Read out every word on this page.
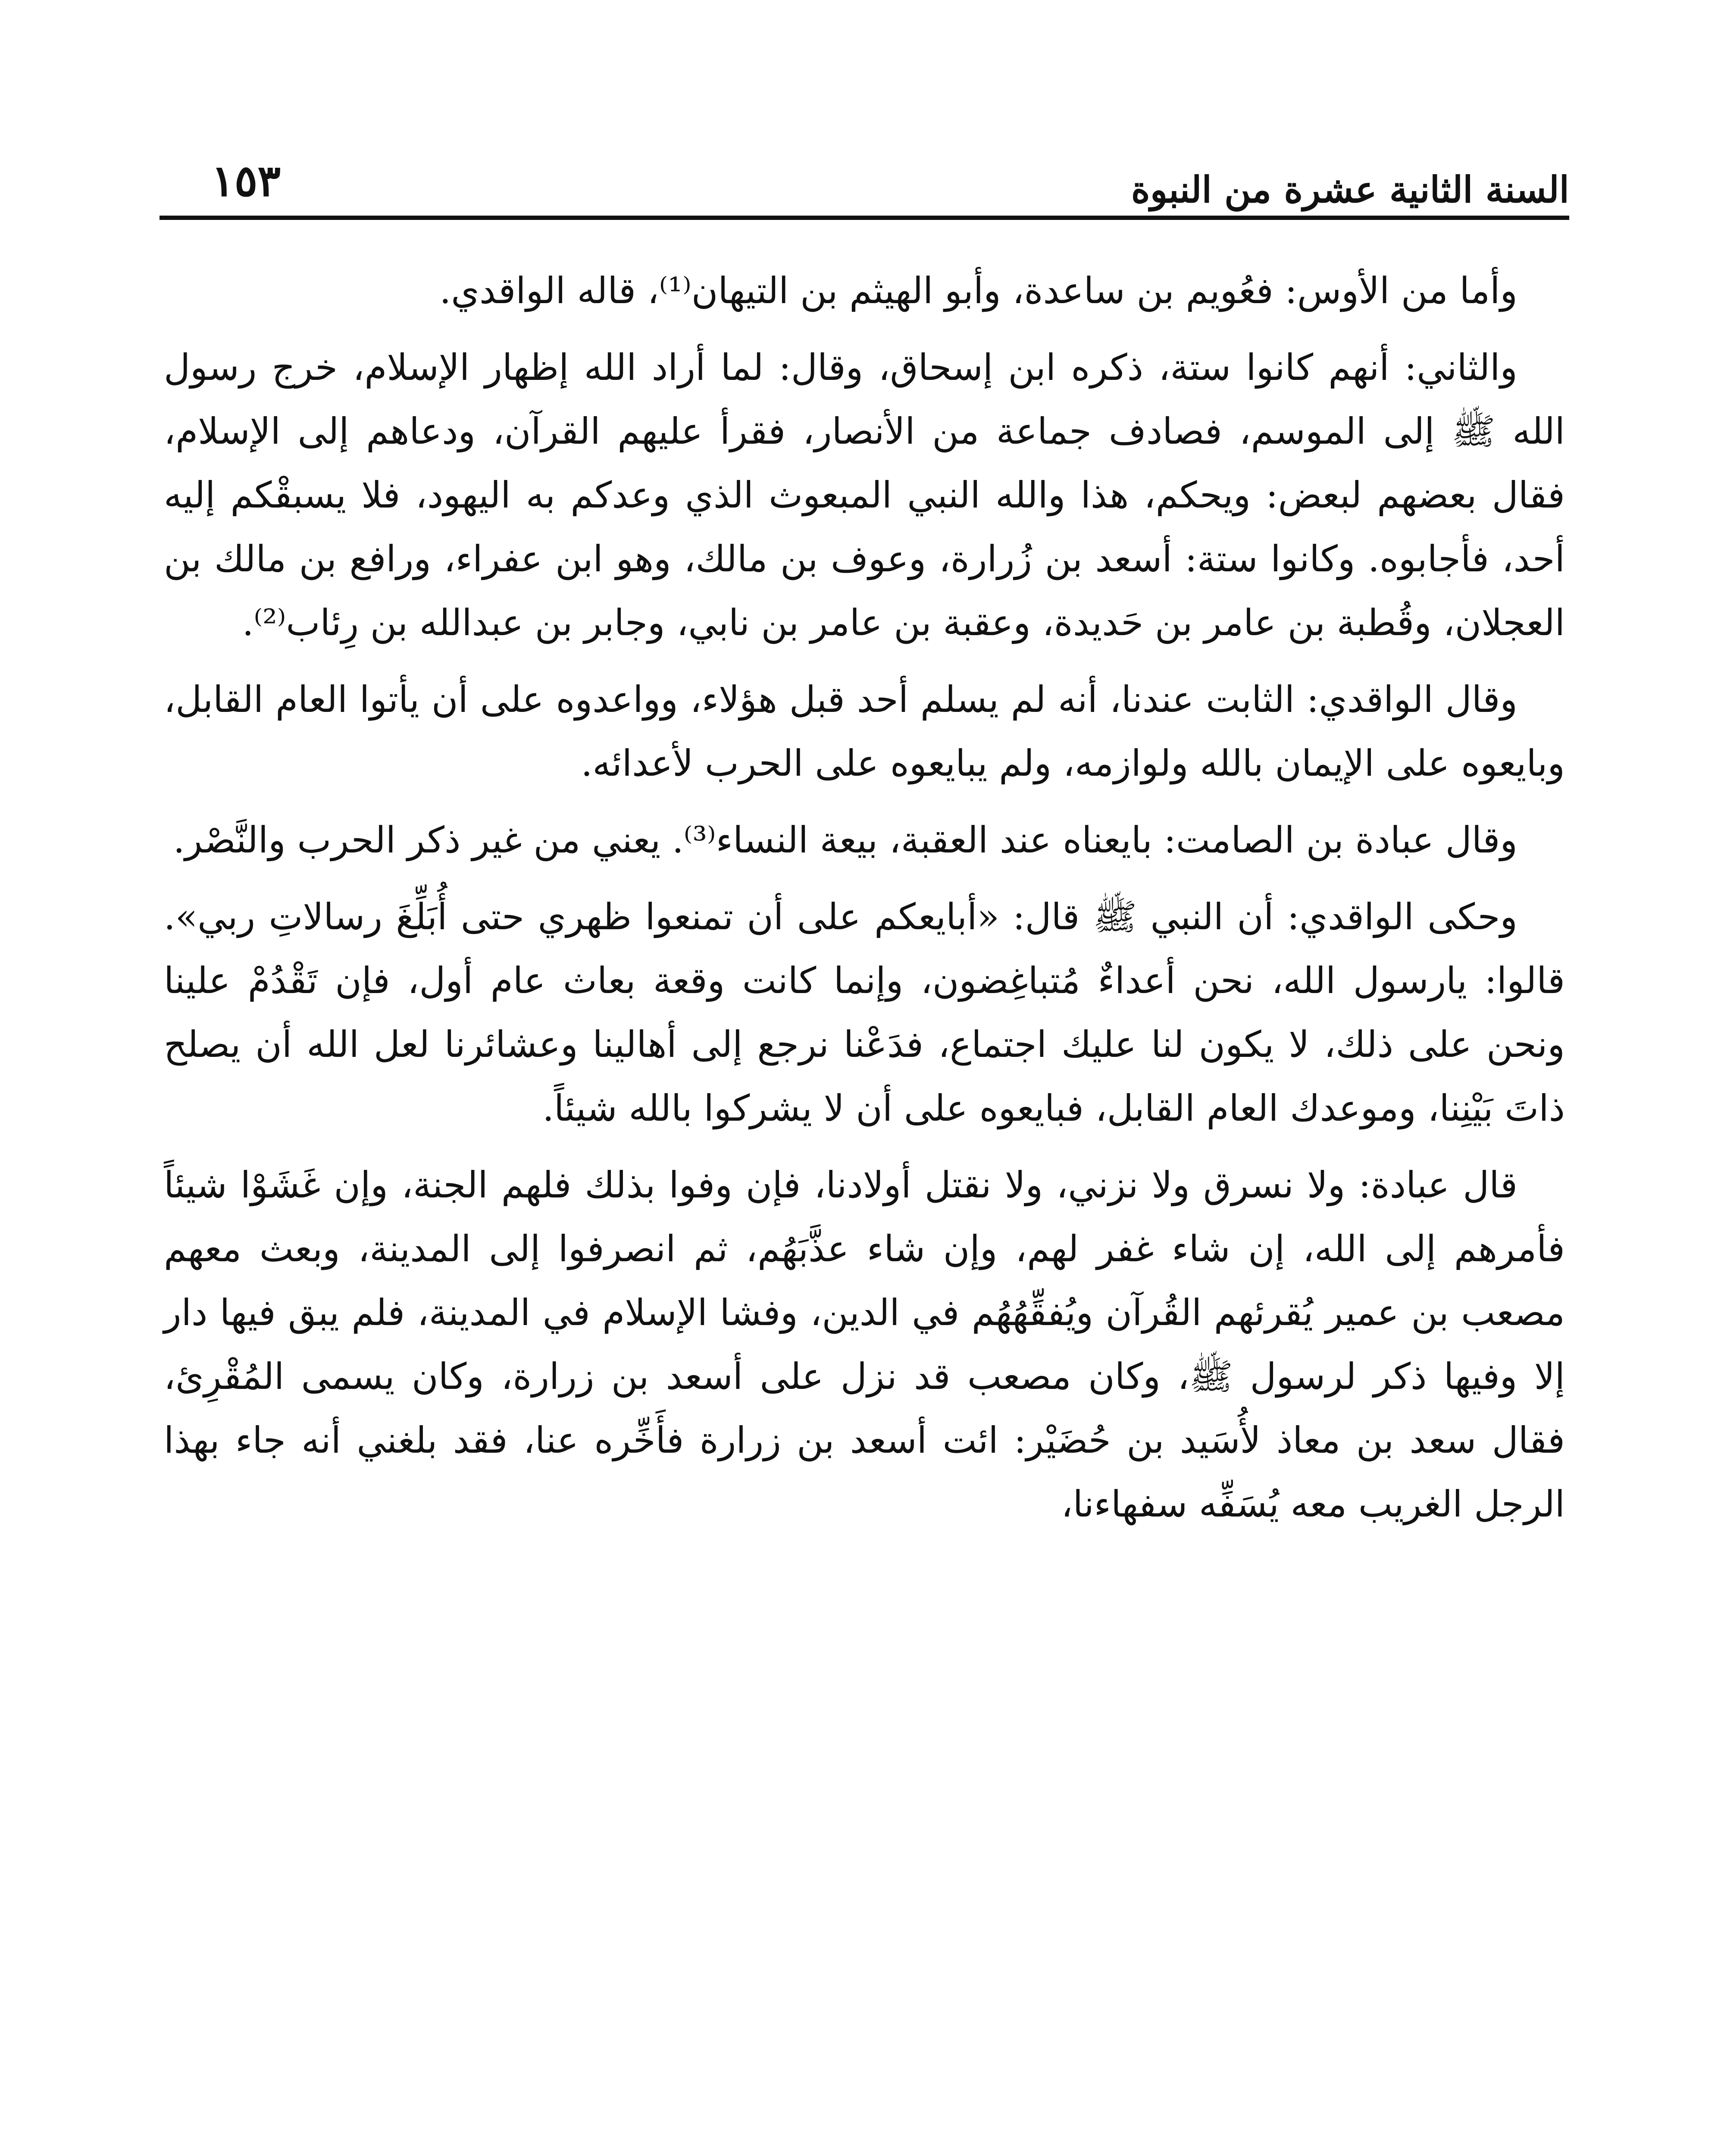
السنة الثانية عشرة من النبوة
١٥٣

وأما من الأوس: فعُويم بن ساعدة، وأبو الهيثم بن التيهان⁽¹⁾، قاله الواقدي.

والثاني: أنهم كانوا ستة، ذكره ابن إسحاق، وقال: لما أراد الله إظهار الإسلام، خرج رسول الله ﷺ إلى الموسم، فصادف جماعة من الأنصار، فقرأ عليهم القرآن، ودعاهم إلى الإسلام، فقال بعضهم لبعض: ويحكم، هذا والله النبي المبعوث الذي وعدكم به اليهود، فلا يسبقْكم إليه أحد، فأجابوه. وكانوا ستة: أسعد بن زُرارة، وعوف بن مالك، وهو ابن عفراء، ورافع بن مالك بن العجلان، وقُطبة بن عامر بن حَديدة، وعقبة بن عامر بن نابي، وجابر بن عبدالله بن رِئاب⁽²⁾.

وقال الواقدي: الثابت عندنا، أنه لم يسلم أحد قبل هؤلاء، وواعدوه على أن يأتوا العام القابل، وبايعوه على الإيمان بالله ولوازمه، ولم يبايعوه على الحرب لأعدائه.

وقال عبادة بن الصامت: بايعناه عند العقبة، بيعة النساء⁽³⁾. يعني من غير ذكر الحرب والنَّصْر.

وحكى الواقدي: أن النبي ﷺ قال: «أبايعكم على أن تمنعوا ظهري حتى أُبَلِّغَ رسالاتِ ربي». قالوا: يارسول الله، نحن أعداءٌ مُتباغِضون، وإنما كانت وقعة بعاث عام أول، فإن تَقْدُمْ علينا ونحن على ذلك، لا يكون لنا عليك اجتماع، فدَعْنا نرجع إلى أهالينا وعشائرنا لعل الله أن يصلح ذاتَ بَيْنِنا، وموعدك العام القابل، فبايعوه على أن لا يشركوا بالله شيئاً.

قال عبادة: ولا نسرق ولا نزني، ولا نقتل أولادنا، فإن وفوا بذلك فلهم الجنة، وإن غَشَوْا شيئاً فأمرهم إلى الله، إن شاء غفر لهم، وإن شاء عذَّبَهُم، ثم انصرفوا إلى المدينة، وبعث معهم مصعب بن عمير يُقرئهم القُرآن ويُفقِّهُهُم في الدين، وفشا الإسلام في المدينة، فلم يبق فيها دار إلا وفيها ذكر لرسول ﷺ، وكان مصعب قد نزل على أسعد بن زرارة، وكان يسمى المُقْرِئ، فقال سعد بن معاذ لأُسَيد بن حُضَيْر: ائت أسعد بن زرارة فأَخِّره عنا، فقد بلغني أنه جاء بهذا الرجل الغريب معه يُسَفِّه سفهاءنا،
